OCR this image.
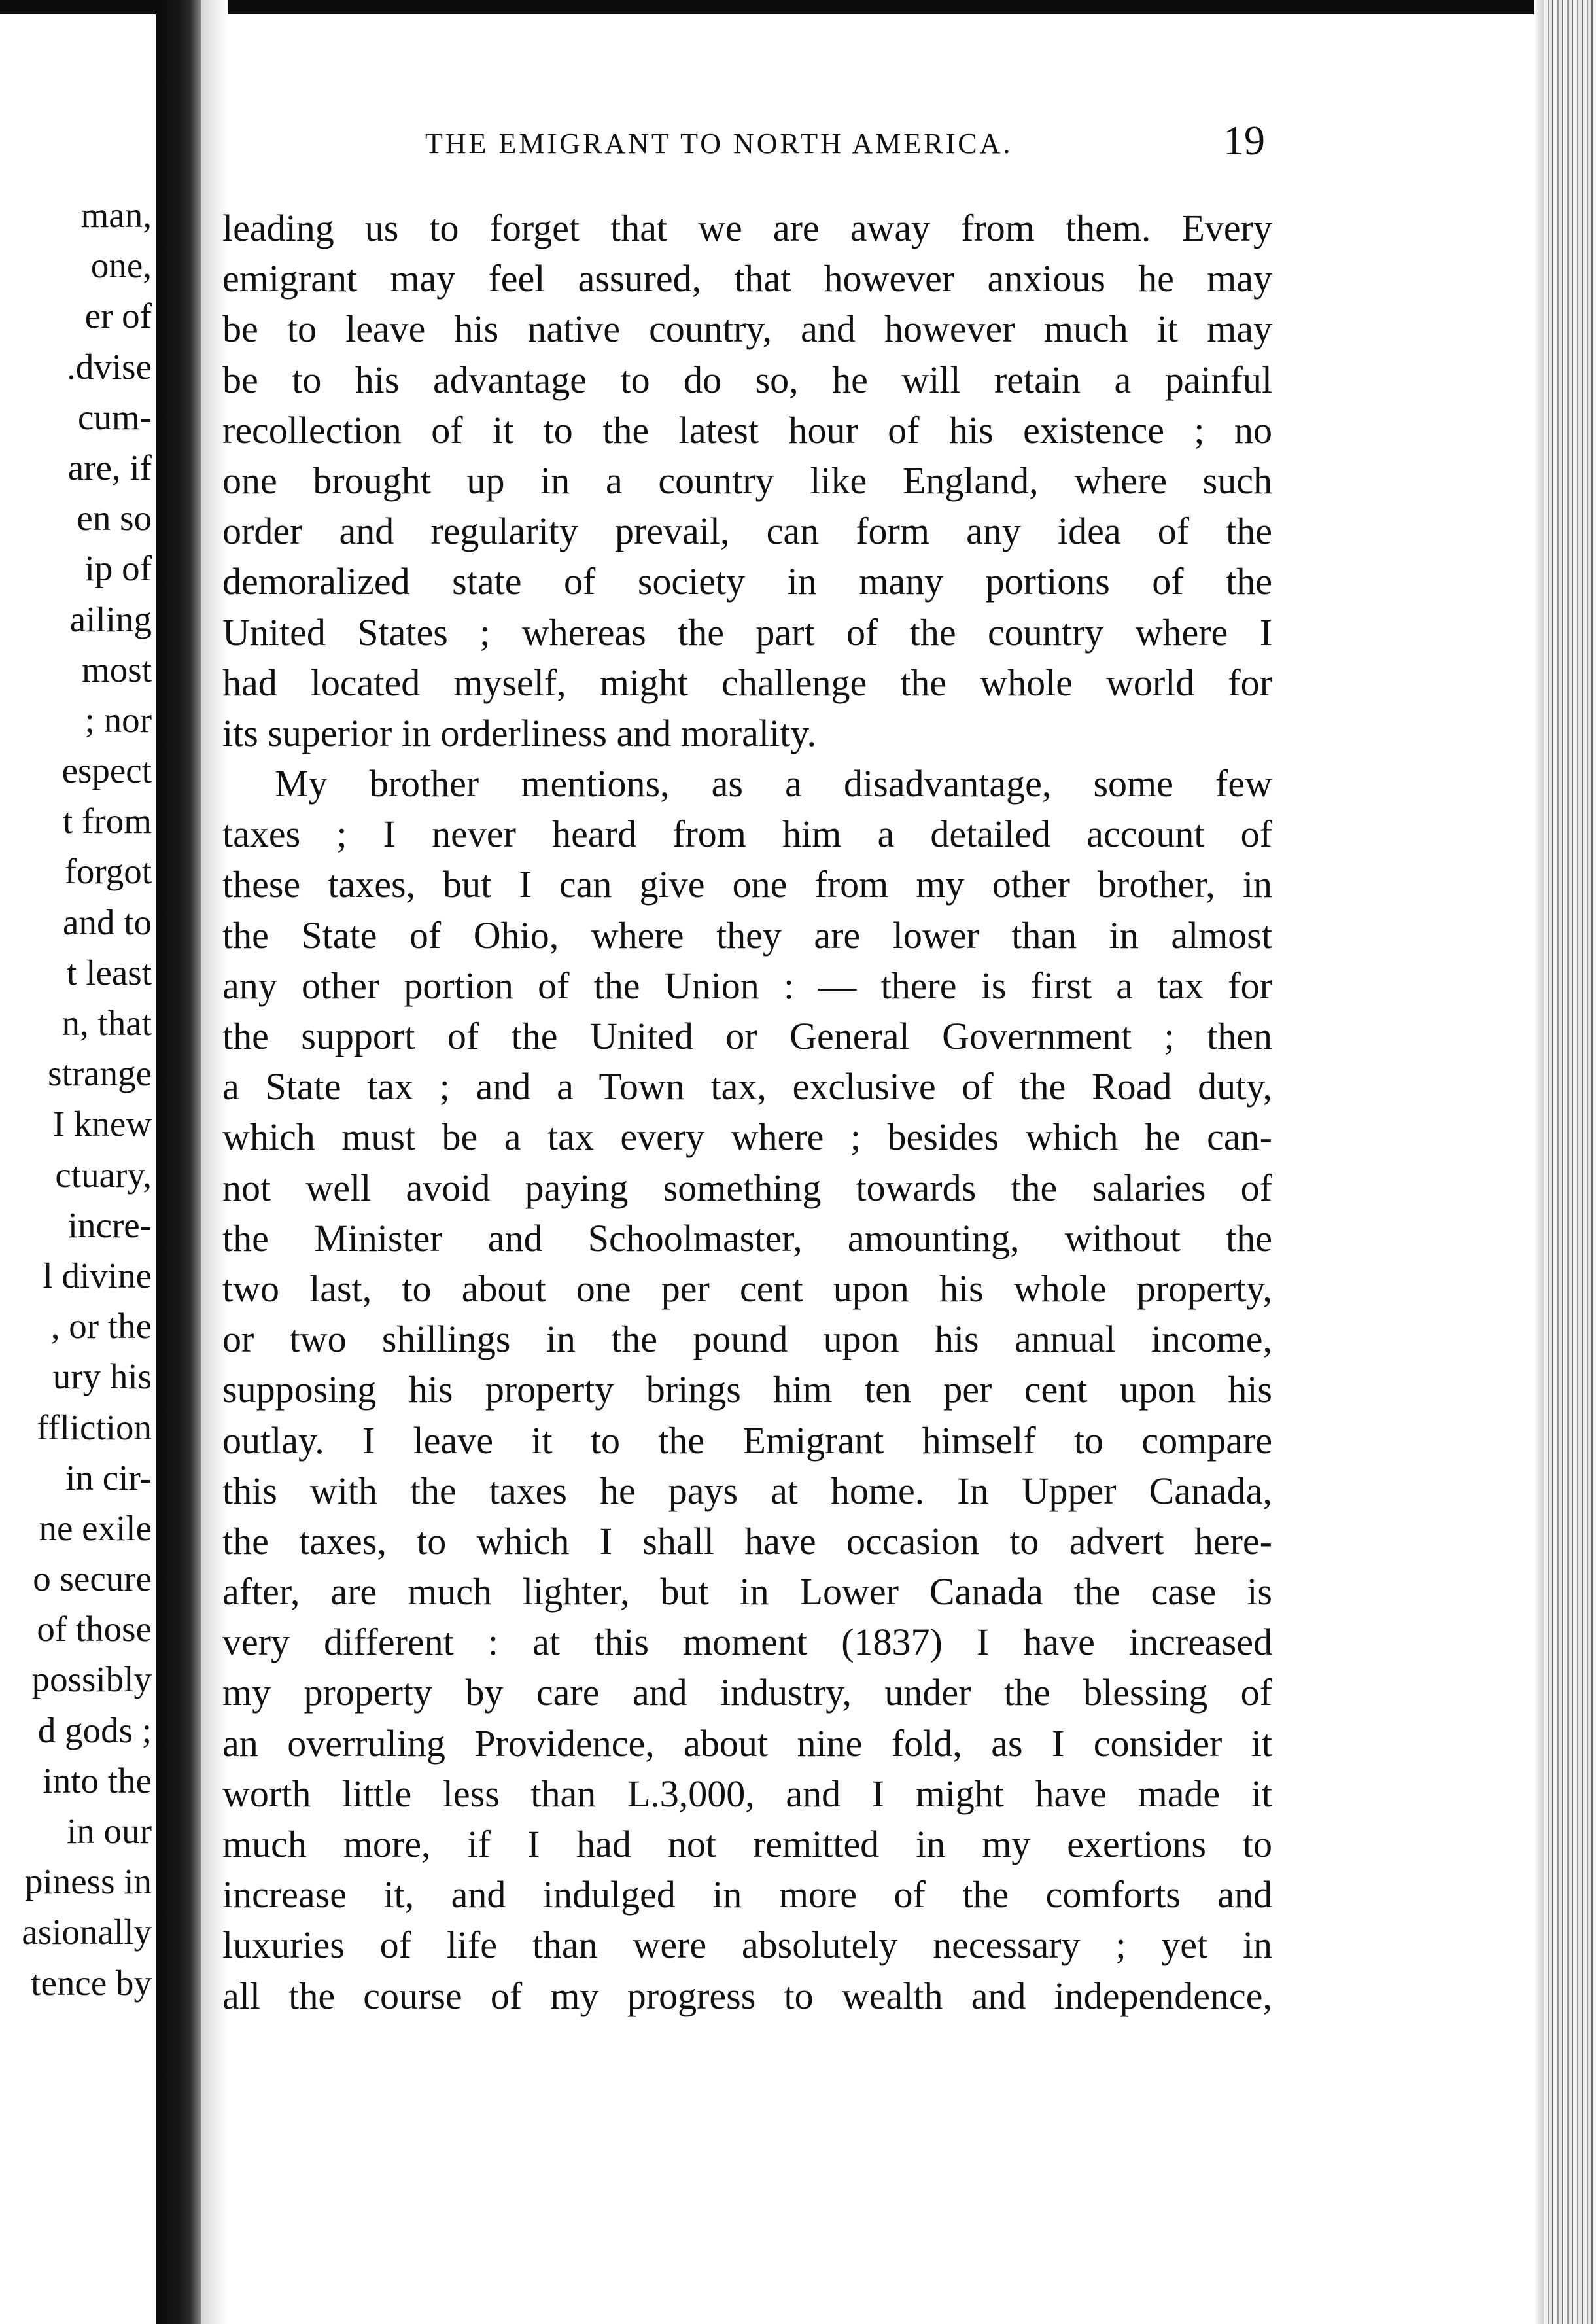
man,
one,
er of
.dvise
cum-
are, if
en so
ip of
ailing
most
; nor
espect
t from
forgot
and to
t least
n, that
strange
I knew
ctuary,
incre-
l divine
, or the
ury his
ffliction
in cir-
ne exile
o secure
of those
possibly
d gods ;
into the
in our
piness in
asionally
tence by
THE EMIGRANT TO NORTH AMERICA.	19
leading us to forget that we are away from them. Every
emigrant may feel assured, that however anxious he may
be to leave his native country, and however much it may
be to his advantage to do so, he will retain a painful
recollection of it to the latest hour of his existence ; no
one brought up in a country like England, where such
order and regularity prevail, can form any idea of the
demoralized state of society in many portions of the
United States ; whereas the part of the country where I
had located myself, might challenge the whole world for
its superior in orderliness and morality.
My brother mentions, as a disadvantage, some few
taxes ; I never heard from him a detailed account of
these taxes, but I can give one from my other brother, in
the State of Ohio, where they are lower than in almost
any other portion of the Union : — there is first a tax for
the support of the United or General Government ; then
a State tax ; and a Town tax, exclusive of the Road duty,
which must be a tax every where ; besides which he can-
not well avoid paying something towards the salaries of
the Minister and Schoolmaster, amounting, without the
two last, to about one per cent upon his whole property,
or two shillings in the pound upon his annual income,
supposing his property brings him ten per cent upon his
outlay. I leave it to the Emigrant himself to compare
this with the taxes he pays at home. In Upper Canada,
the taxes, to which I shall have occasion to advert here-
after, are much lighter, but in Lower Canada the case is
very different : at this moment (1837) I have increased
my property by care and industry, under the blessing of
an overruling Providence, about nine fold, as I consider it
worth little less than L.3,000, and I might have made it
much more, if I had not remitted in my exertions to
increase it, and indulged in more of the comforts and
luxuries of life than were absolutely necessary ; yet in
all the course of my progress to wealth and independence,
